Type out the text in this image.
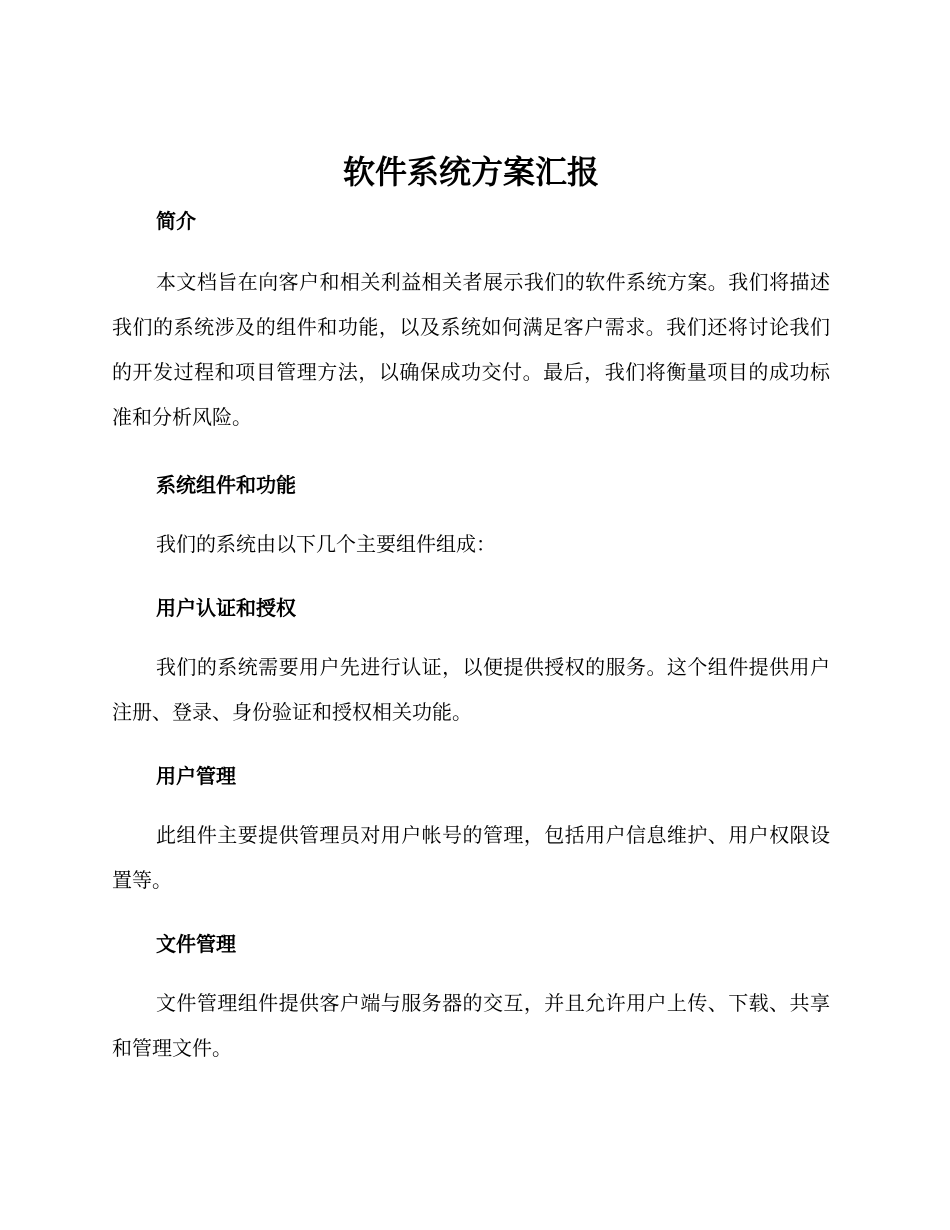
软件系统方案汇报
简介

本文档旨在向客户和相关利益相关者展示我们的软件系统方案。我们将描述我们的系统涉及的组件和功能，以及系统如何满足客户需求。我们还将讨论我们的开发过程和项目管理方法，以确保成功交付。最后，我们将衡量项目的成功标准和分析风险。

系统组件和功能

我们的系统由以下几个主要组件组成：

用户认证和授权

我们的系统需要用户先进行认证，以便提供授权的服务。这个组件提供用户注册、登录、身份验证和授权相关功能。

用户管理

此组件主要提供管理员对用户帐号的管理，包括用户信息维护、用户权限设置等。

文件管理

文件管理组件提供客户端与服务器的交互，并且允许用户上传、下载、共享和管理文件。
